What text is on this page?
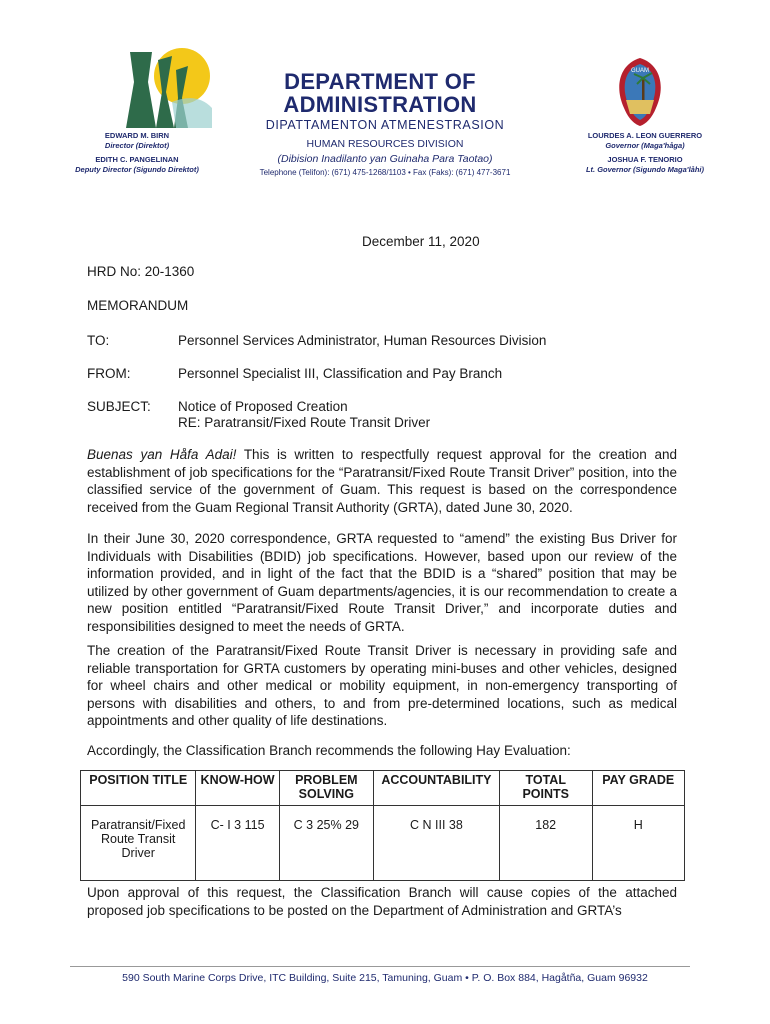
GUAM
DEPARTMENT OF
ADMINISTRATION
DIPATTAMENTON ATMENESTRASION
HUMAN RESOURCES DIVISION
(Dibision Inadilanto yan Guinaha Para Taotao)
Telephone (Telifon): (671) 475-1268/1103 • Fax (Faks): (671) 477-3671
EDWARD M. BIRN
Director (Direktot)
EDITH C. PANGELINAN
Deputy Director (Sigundo Direktot)
LOURDES A. LEON GUERRERO
Governor (Maga'håga)
JOSHUA F. TENORIO
Lt. Governor (Sigundo Maga'låhi)
December 11, 2020
HRD No: 20-1360
MEMORANDUM
TO:	Personnel Services Administrator, Human Resources Division
FROM:	Personnel Specialist III, Classification and Pay Branch
SUBJECT: Notice of Proposed Creation
RE: Paratransit/Fixed Route Transit Driver

Buenas yan Håfa Adai! This is written to respectfully request approval for the creation and establishment of job specifications for the “Paratransit/Fixed Route Transit Driver” position, into the classified service of the government of Guam. This request is based on the correspondence received from the Guam Regional Transit Authority (GRTA), dated June 30, 2020.

In their June 30, 2020 correspondence, GRTA requested to “amend” the existing Bus Driver for Individuals with Disabilities (BDID) job specifications. However, based upon our review of the information provided, and in light of the fact that the BDID is a “shared” position that may be utilized by other government of Guam departments/agencies, it is our recommendation to create a new position entitled “Paratransit/Fixed Route Transit Driver,” and incorporate duties and responsibilities designed to meet the needs of GRTA.

The creation of the Paratransit/Fixed Route Transit Driver is necessary in providing safe and reliable transportation for GRTA customers by operating mini-buses and other vehicles, designed for wheel chairs and other medical or mobility equipment, in non-emergency transporting of persons with disabilities and others, to and from pre-determined locations, such as medical appointments and other quality of life destinations.

Accordingly, the Classification Branch recommends the following Hay Evaluation:

POSITION TITLE	KNOW-HOW	PROBLEM SOLVING	ACCOUNTABILITY	TOTAL POINTS	PAY GRADE
Paratransit/Fixed Route Transit Driver	C- I 3 115	C 3 25% 29	C N III 38	182	H

Upon approval of this request, the Classification Branch will cause copies of the attached proposed job specifications to be posted on the Department of Administration and GRTA’s

590 South Marine Corps Drive, ITC Building, Suite 215, Tamuning, Guam • P. O. Box 884, Hagåtña, Guam 96932
